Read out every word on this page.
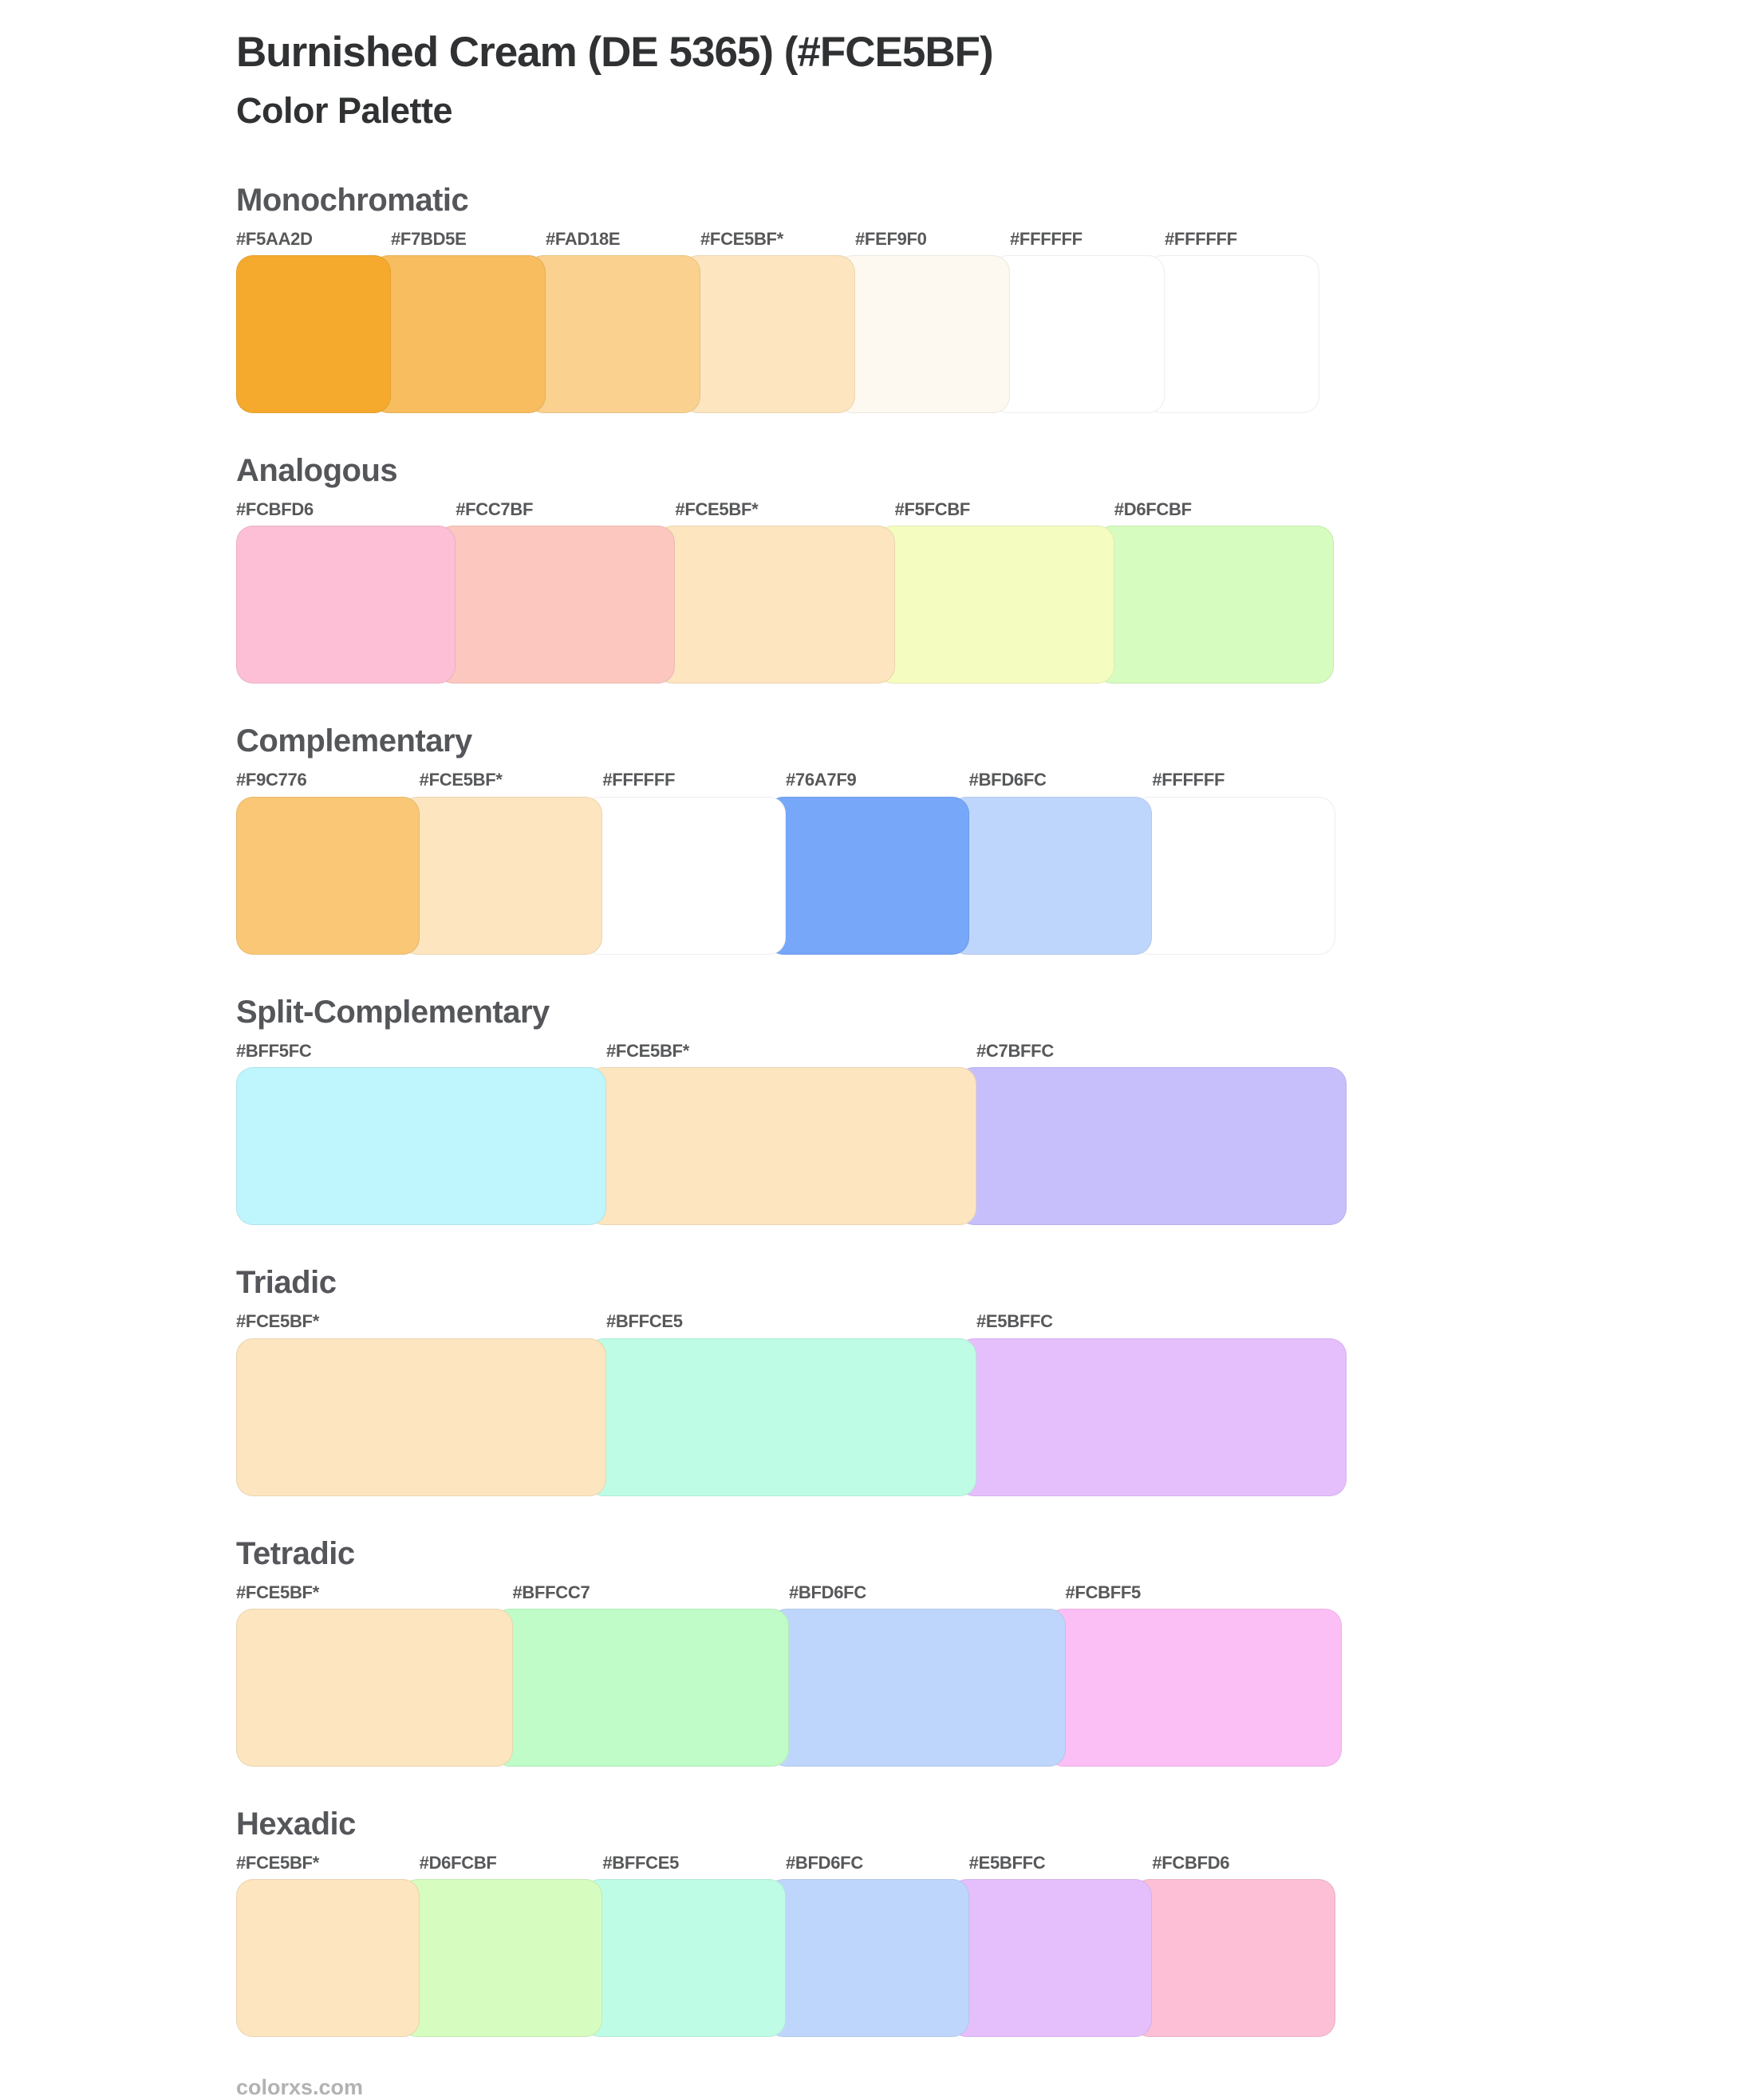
Burnished Cream (DE 5365) (#FCE5BF)
Color Palette
Monochromatic
#F5AA2D	#F7BD5E	#FAD18E	#FCE5BF*	#FEF9F0	#FFFFFF	#FFFFFF
Analogous
#FCBFD6	#FCC7BF	#FCE5BF*	#F5FCBF	#D6FCBF
Complementary
#F9C776	#FCE5BF*	#FFFFFF	#76A7F9	#BFD6FC	#FFFFFF
Split-Complementary
#BFF5FC	#FCE5BF*	#C7BFFC
Triadic
#FCE5BF*	#BFFCE5	#E5BFFC
Tetradic
#FCE5BF*	#BFFCC7	#BFD6FC	#FCBFF5
Hexadic
#FCE5BF*	#D6FCBF	#BFFCE5	#BFD6FC	#E5BFFC	#FCBFD6
colorxs.com
